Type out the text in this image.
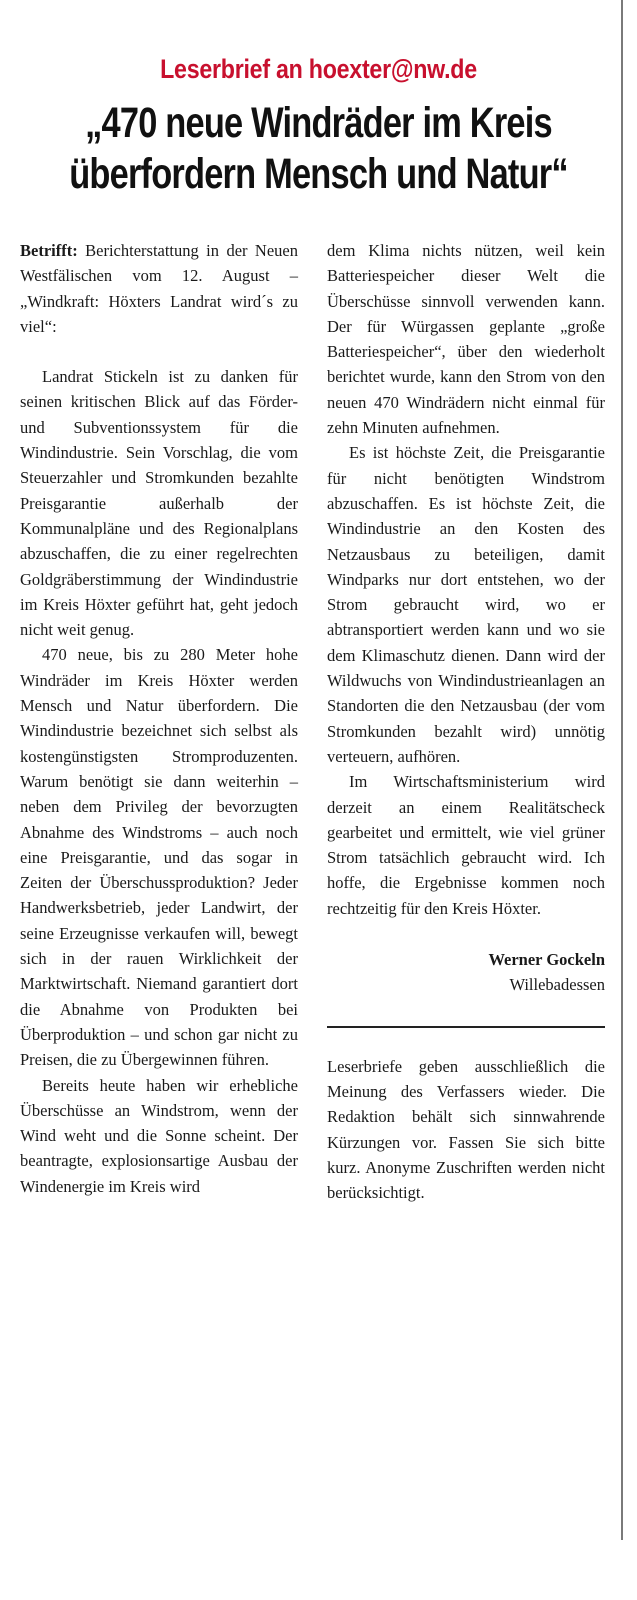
Leserbrief an hoexter@nw.de
„470 neue Windräder im Kreis
überfordern Mensch und Natur“

Betrifft: Berichterstattung in der Neuen Westfälischen vom 12. August – „Windkraft: Höxters Landrat wird´s zu viel“:

Landrat Stickeln ist zu danken für seinen kritischen Blick auf das Förder- und Subventionssystem für die Windindustrie. Sein Vorschlag, die vom Steuerzahler und Stromkunden bezahlte Preisgarantie außerhalb der Kommunalpläne und des Regionalplans abzuschaffen, die zu einer regelrechten Goldgräberstimmung der Windindustrie im Kreis Höxter geführt hat, geht jedoch nicht weit genug.

470 neue, bis zu 280 Meter hohe Windräder im Kreis Höxter werden Mensch und Natur überfordern. Die Windindustrie bezeichnet sich selbst als kostengünstigsten Stromproduzenten. Warum benötigt sie dann weiterhin – neben dem Privileg der bevorzugten Abnahme des Windstroms – auch noch eine Preisgarantie, und das sogar in Zeiten der Überschussproduktion? Jeder Handwerksbetrieb, jeder Landwirt, der seine Erzeugnisse verkaufen will, bewegt sich in der rauen Wirklichkeit der Marktwirtschaft. Niemand garantiert dort die Abnahme von Produkten bei Überproduktion – und schon gar nicht zu Preisen, die zu Übergewinnen führen.

Bereits heute haben wir erhebliche Überschüsse an Windstrom, wenn der Wind weht und die Sonne scheint. Der beantragte, explosionsartige Ausbau der Windenergie im Kreis wird

dem Klima nichts nützen, weil kein Batteriespeicher dieser Welt die Überschüsse sinnvoll verwenden kann. Der für Würgassen geplante „große Batteriespeicher“, über den wiederholt berichtet wurde, kann den Strom von den neuen 470 Windrädern nicht einmal für zehn Minuten aufnehmen.

Es ist höchste Zeit, die Preisgarantie für nicht benötigten Windstrom abzuschaffen. Es ist höchste Zeit, die Windindustrie an den Kosten des Netzausbaus zu beteiligen, damit Windparks nur dort entstehen, wo der Strom gebraucht wird, wo er abtransportiert werden kann und wo sie dem Klimaschutz dienen. Dann wird der Wildwuchs von Windindustrieanlagen an Standorten die den Netzausbau (der vom Stromkunden bezahlt wird) unnötig verteuern, aufhören.

Im Wirtschaftsministerium wird derzeit an einem Realitätscheck gearbeitet und ermittelt, wie viel grüner Strom tatsächlich gebraucht wird. Ich hoffe, die Ergebnisse kommen noch rechtzeitig für den Kreis Höxter.

Werner Gockeln
Willebadessen

Leserbriefe geben ausschließlich die Meinung des Verfassers wieder. Die Redaktion behält sich sinnwahrende Kürzungen vor. Fassen Sie sich bitte kurz. Anonyme Zuschriften werden nicht berücksichtigt.
